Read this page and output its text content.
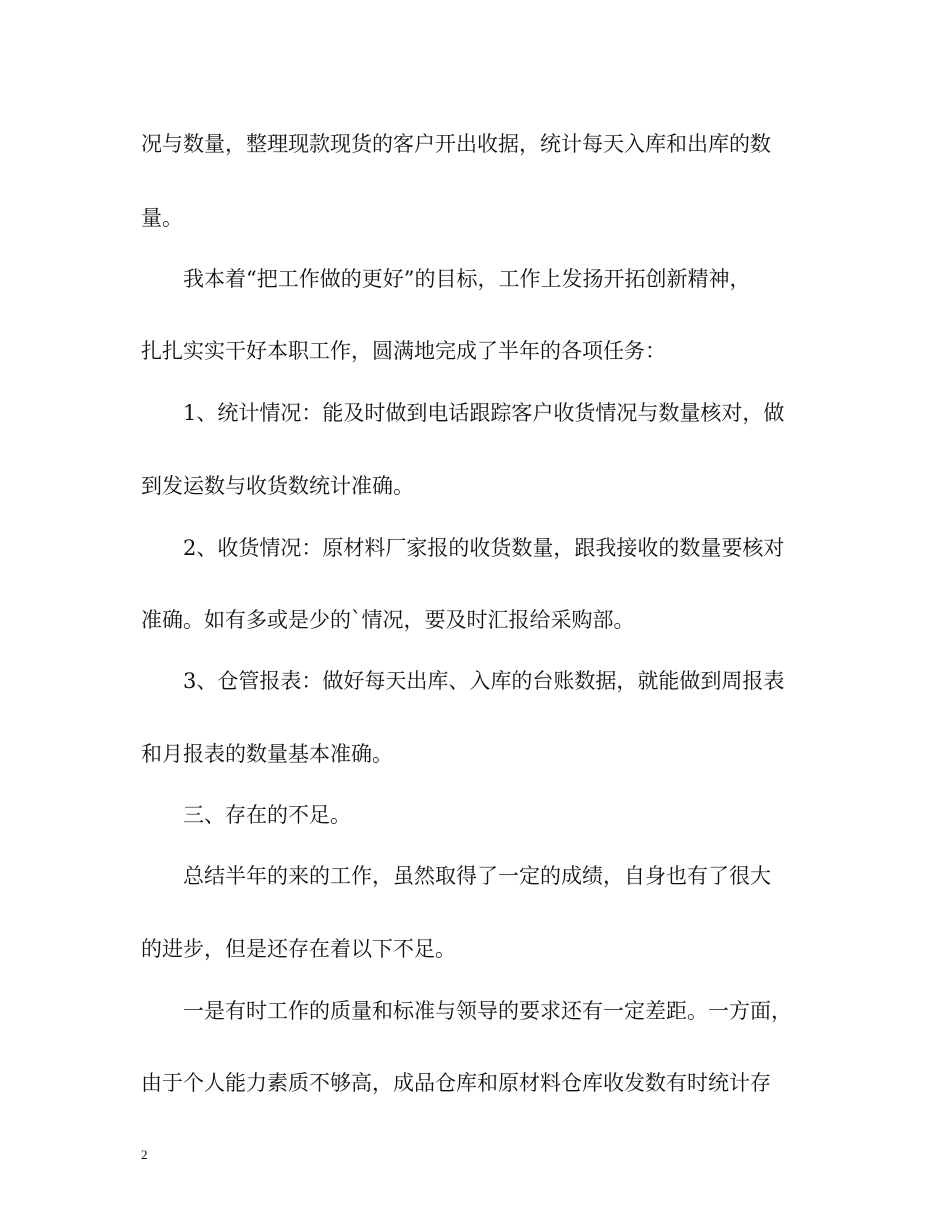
况与数量，整理现款现货的客户开出收据，统计每天入库和出库的数
量。
我本着“把工作做的更好”的目标，工作上发扬开拓创新精神，
扎扎实实干好本职工作，圆满地完成了半年的各项任务：
1、统计情况：能及时做到电话跟踪客户收货情况与数量核对，做
到发运数与收货数统计准确。
2、收货情况：原材料厂家报的收货数量，跟我接收的数量要核对
准确。如有多或是少的`情况，要及时汇报给采购部。
3、仓管报表：做好每天出库、入库的台账数据，就能做到周报表
和月报表的数量基本准确。
三、存在的不足。
总结半年的来的工作，虽然取得了一定的成绩，自身也有了很大
的进步，但是还存在着以下不足。
一是有时工作的质量和标准与领导的要求还有一定差距。一方面，
由于个人能力素质不够高，成品仓库和原材料仓库收发数有时统计存
2
